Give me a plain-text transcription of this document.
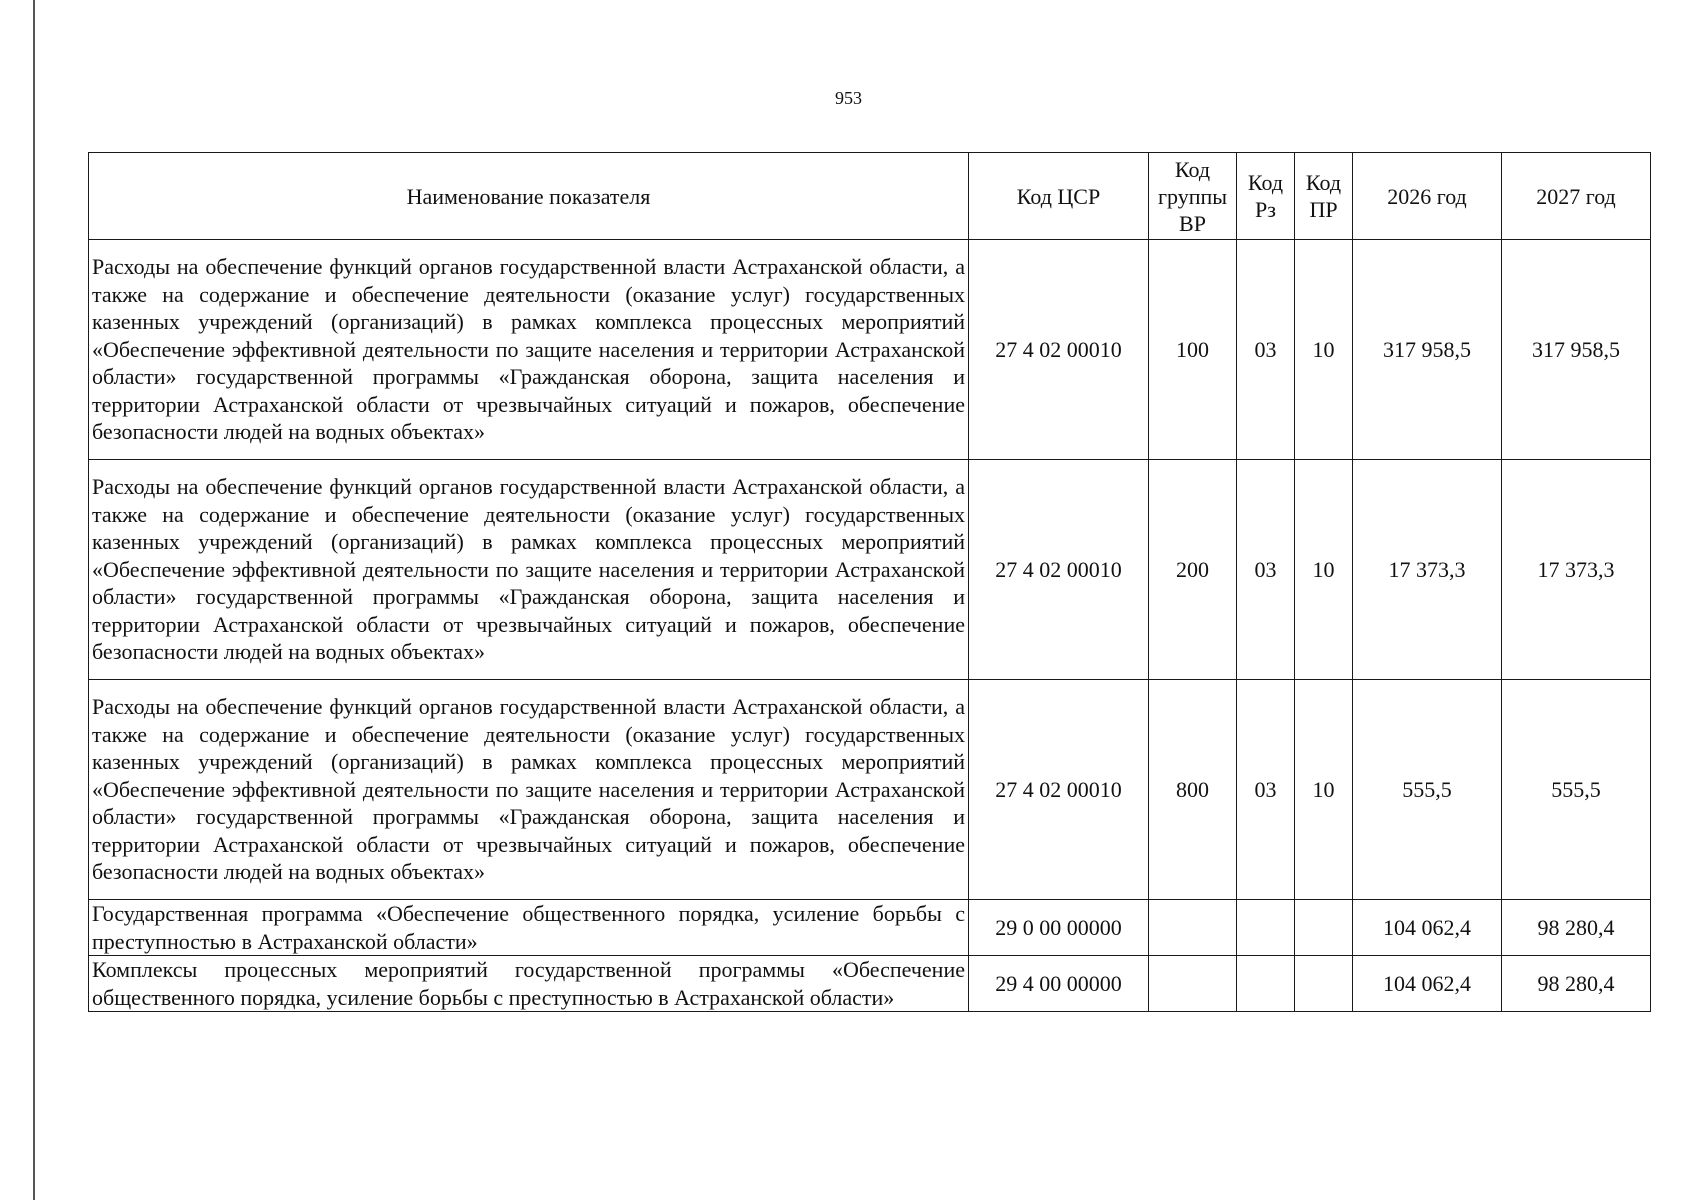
953
Наименование показателя	Код ЦСР	Код группы ВР	Код Рз	Код ПР	2026 год	2027 год
Расходы на обеспечение функций органов государственной власти Астраханской области, а также на содержание и обеспечение деятельности (оказание услуг) государственных казенных учреждений (организаций) в рамках комплекса процессных мероприятий «Обеспечение эффективной деятельности по защите населения и территории Астраханской области» государственной программы «Гражданская оборона, защита населения и территории Астраханской области от чрезвычайных ситуаций и пожаров, обеспечение безопасности людей на водных объектах»	27 4 02 00010	100	03	10	317 958,5	317 958,5
Расходы на обеспечение функций органов государственной власти Астраханской области, а также на содержание и обеспечение деятельности (оказание услуг) государственных казенных учреждений (организаций) в рамках комплекса процессных мероприятий «Обеспечение эффективной деятельности по защите населения и территории Астраханской области» государственной программы «Гражданская оборона, защита населения и территории Астраханской области от чрезвычайных ситуаций и пожаров, обеспечение безопасности людей на водных объектах»	27 4 02 00010	200	03	10	17 373,3	17 373,3
Расходы на обеспечение функций органов государственной власти Астраханской области, а также на содержание и обеспечение деятельности (оказание услуг) государственных казенных учреждений (организаций) в рамках комплекса процессных мероприятий «Обеспечение эффективной деятельности по защите населения и территории Астраханской области» государственной программы «Гражданская оборона, защита населения и территории Астраханской области от чрезвычайных ситуаций и пожаров, обеспечение безопасности людей на водных объектах»	27 4 02 00010	800	03	10	555,5	555,5
Государственная программа «Обеспечение общественного порядка, усиление борьбы с преступностью в Астраханской области»	29 0 00 00000				104 062,4	98 280,4
Комплексы процессных мероприятий государственной программы «Обеспечение общественного порядка, усиление борьбы с преступностью в Астраханской области»	29 4 00 00000				104 062,4	98 280,4
